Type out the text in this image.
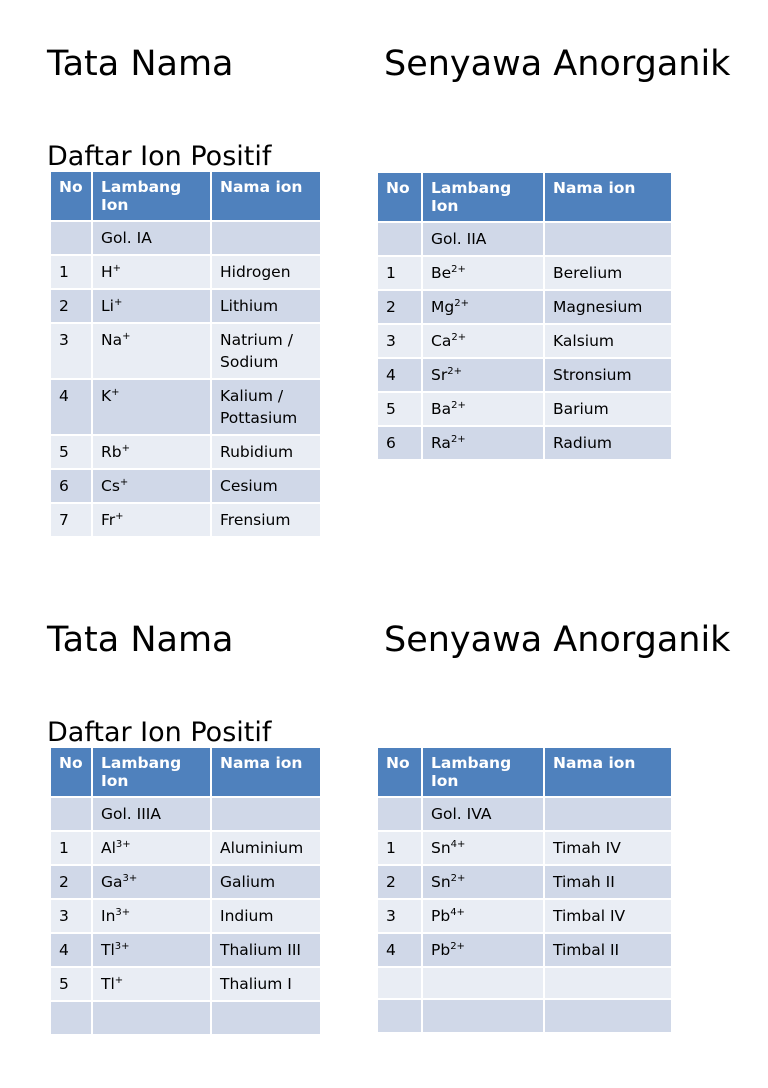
Tata Nama	Senyawa Anorganik
Daftar Ion Positif
No	Lambang Ion	Nama ion
	Gol. IA	
1	H+	Hidrogen
2	Li+	Lithium
3	Na+	Natrium / Sodium
4	K+	Kalium / Pottasium
5	Rb+	Rubidium
6	Cs+	Cesium
7	Fr+	Frensium
No	Lambang Ion	Nama ion
	Gol. IIA	
1	$Be^{2+}$	Berelium
2	$Mg^{2+}$	Magnesium
3	$Ca^{2+}$	Kalsium
4	$Sr^{2+}$	Stronsium
5	$Ba^{2+}$	Barium
6	$Ra^{2+}$	Radium
Tata Nama	Senyawa Anorganik
Daftar Ion Positif
No	Lambang Ion	Nama ion
	Gol. IIIA	
1	$Al^{3+}$	Aluminium
2	$Ga^{3+}$	Galium
3	$In^{3+}$	Indium
4	$Tl^{3+}$	Thalium III
5	Tl+	Thalium I

No	Lambang Ion	Nama ion
	Gol. IVA	
1	$Sn^{4+}$	Timah IV
2	$Sn^{2+}$	Timah II
3	$Pb^{4+}$	Timbal IV
4	$Pb^{2+}$	Timbal II
